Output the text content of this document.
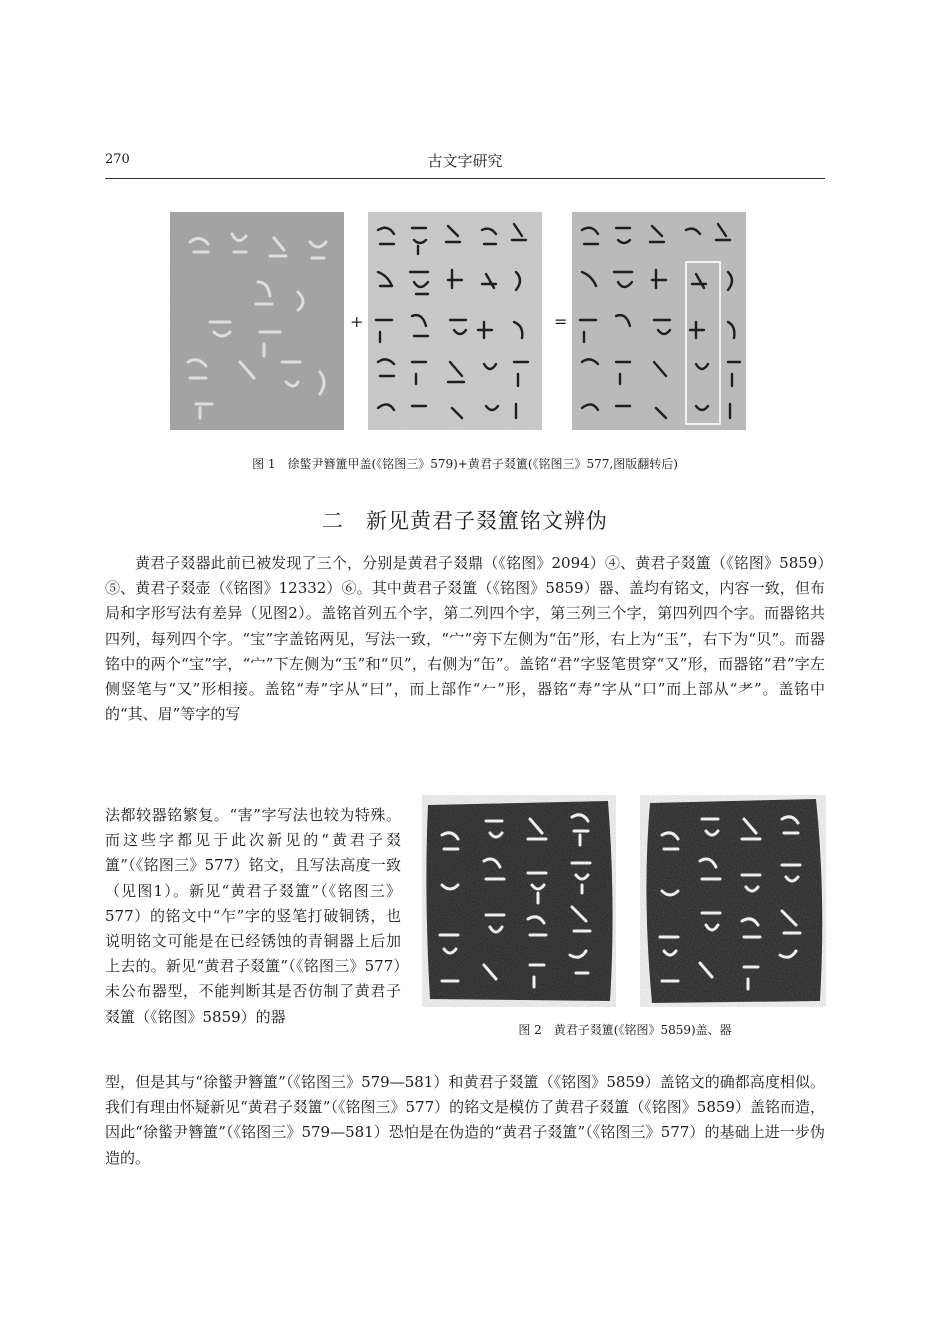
270	古文字研究
+	=
图 1　徐螸尹簪簠甲盖(《铭图三》579)+黄君子叕簠(《铭图三》577,图版翻转后)
二　新见黄君子叕簠铭文辨伪

黄君子叕器此前已被发现了三个，分别是黄君子叕鼎（《铭图》2094）④、黄君子叕簠（《铭图》5859）⑤、黄君子叕壶（《铭图》12332）⑥。其中黄君子叕簠（《铭图》5859）器、盖均有铭文，内容一致，但布局和字形写法有差异（见图2）。盖铭首列五个字，第二列四个字，第三列三个字，第四列四个字。而器铭共四列，每列四个字。“宝”字盖铭两见，写法一致，“宀”旁下左侧为“缶”形，右上为“玉”，右下为“贝”。而器铭中的两个“宝”字，“宀”下左侧为“玉”和“贝”，右侧为“缶”。盖铭“君”字竖笔贯穿“又”形，而器铭“君”字左侧竖笔与“又”形相接。盖铭“寿”字从“曰”，而上部作“𠂉”形，器铭“寿”字从“口”而上部从“耂”。盖铭中的“其、眉”等字的写

法都较器铭繁复。“害”字写法也较为特殊。而这些字都见于此次新见的“黄君子叕簠”（《铭图三》577）铭文，且写法高度一致（见图1）。新见“黄君子叕簠”（《铭图三》577）的铭文中“乍”字的竖笔打破铜锈，也说明铭文可能是在已经锈蚀的青铜器上后加上去的。新见“黄君子叕簠”（《铭图三》577）未公布器型，不能判断其是否仿制了黄君子叕簠（《铭图》5859）的器

图 2　黄君子叕簠(《铭图》5859)盖、器

型，但是其与“徐螸尹簪簠”（《铭图三》579—581）和黄君子叕簠（《铭图》5859）盖铭文的确都高度相似。我们有理由怀疑新见“黄君子叕簠”（《铭图三》577）的铭文是模仿了黄君子叕簠（《铭图》5859）盖铭而造，因此“徐螸尹簪簠”（《铭图三》579—581）恐怕是在伪造的“黄君子叕簠”（《铭图三》577）的基础上进一步伪造的。
